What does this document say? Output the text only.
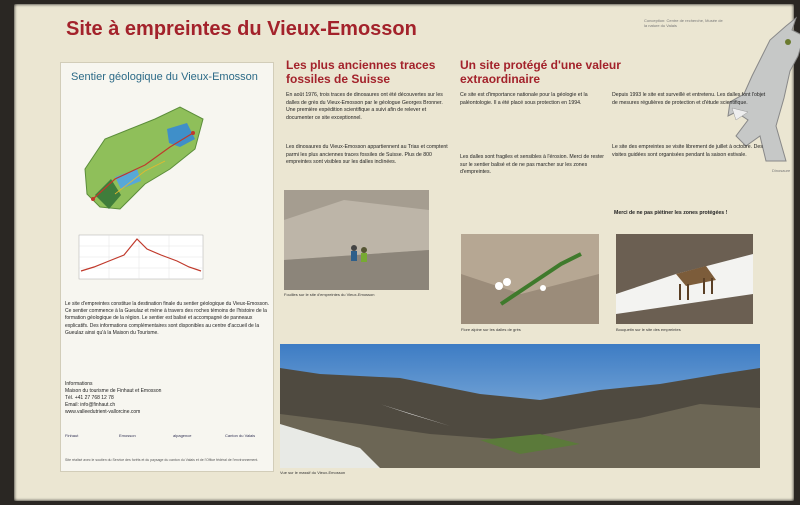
Site à empreintes du Vieux-Emosson	Conception: Centre de recherche, Musée de la nature du Valais
Dinosaure
Sentier géologique du Vieux-Emosson
Le site d'empreintes constitue la destination finale du sentier géologique du Vieux-Emosson. Ce sentier commence à la Gueulaz et mène à travers des roches témoins de l'histoire de la formation géologique de la région. Le sentier est balisé et accompagné de panneaux explicatifs. Des informations complémentaires sont disponibles au centre d'accueil de la Gueulaz ainsi qu'à la Maison du Tourisme.
Informations
Maison du tourisme de Finhaut et Emosson
Tél. +41 27 768 12 78
Email: info@finhaut.ch
www.valleedutrient-vallorcine.com
Finhaut	Emosson	alpagence	Canton du Valais
Site réalisé avec le soutien du Service des forêts et du paysage du canton du Valais et de l'Office fédéral de l'environnement.
Les plus anciennes traces fossiles de Suisse
En août 1976, trois traces de dinosaures ont été découvertes sur les dalles de grès du Vieux-Emosson par le géologue Georges Bronner. Une première expédition scientifique a suivi afin de relever et documenter ce site exceptionnel.
Les dinosaures du Vieux-Emosson appartiennent au Trias et comptent parmi les plus anciennes traces fossiles de Suisse. Plus de 800 empreintes sont visibles sur les dalles inclinées.
Fouilles sur le site d'empreintes du Vieux-Emosson
Un site protégé d'une valeur extraordinaire
Ce site est d'importance nationale pour la géologie et la paléontologie. Il a été placé sous protection en 1994.
Les dalles sont fragiles et sensibles à l'érosion. Merci de rester sur le sentier balisé et de ne pas marcher sur les zones d'empreintes.
Flore alpine sur les dalles de grès
Depuis 1993 le site est surveillé et entretenu. Les dalles font l'objet de mesures régulières de protection et d'étude scientifique.
Le site des empreintes se visite librement de juillet à octobre. Des visites guidées sont organisées pendant la saison estivale.
Merci de ne pas piétiner les zones protégées !
Bouquetin sur le site des empreintes
Vue sur le massif du Vieux-Emosson
